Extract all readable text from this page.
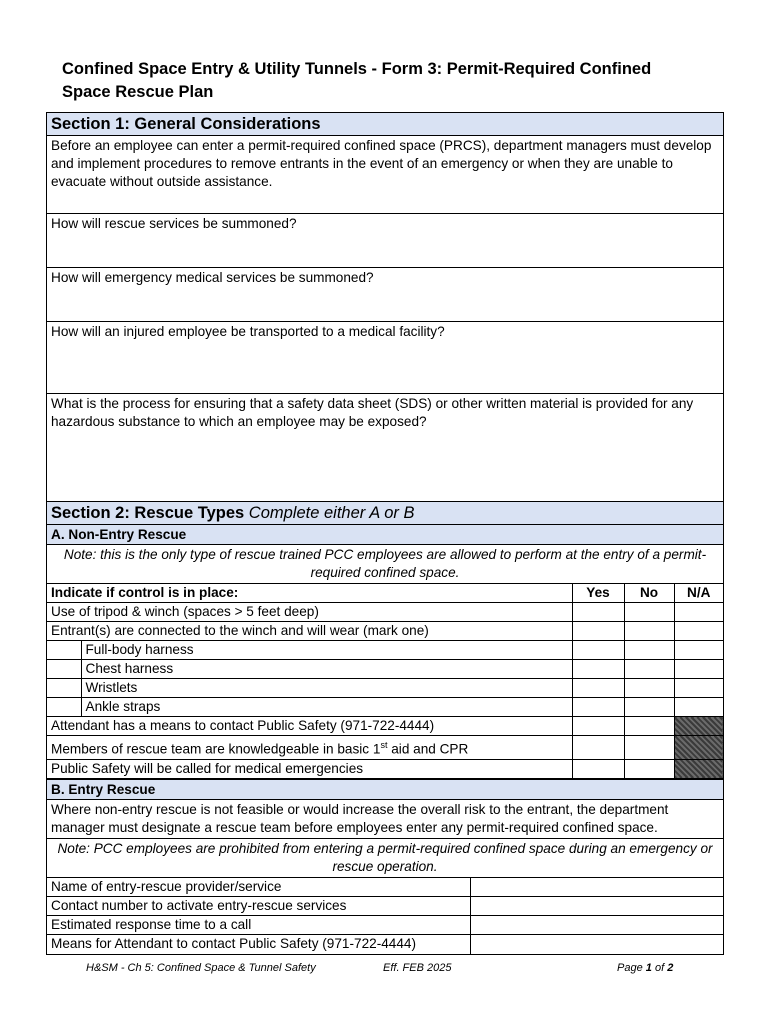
Confined Space Entry & Utility Tunnels - Form 3: Permit-Required Confined Space Rescue Plan
Section 1: General Considerations
Before an employee can enter a permit-required confined space (PRCS), department managers must develop and implement procedures to remove entrants in the event of an emergency or when they are unable to evacuate without outside assistance.
How will rescue services be summoned?
How will emergency medical services be summoned?
How will an injured employee be transported to a medical facility?
What is the process for ensuring that a safety data sheet (SDS) or other written material is provided for any hazardous substance to which an employee may be exposed?
Section 2: Rescue Types Complete either A or B
A. Non-Entry Rescue
Note: this is the only type of rescue trained PCC employees are allowed to perform at the entry of a permit-required confined space.
Indicate if control is in place:		Yes	No	N/A
Use of tripod & winch (spaces > 5 feet deep)				
Entrant(s) are connected to the winch and will wear (mark one)				
	Full-body harness			
	Chest harness			
	Wristlets			
	Ankle straps			
Attendant has a means to contact Public Safety (971-722-4444)				
Members of rescue team are knowledgeable in basic 1st aid and CPR				
Public Safety will be called for medical emergencies				
B. Entry Rescue
Where non-entry rescue is not feasible or would increase the overall risk to the entrant, the department manager must designate a rescue team before employees enter any permit-required confined space.
Note: PCC employees are prohibited from entering a permit-required confined space during an emergency or rescue operation.
Name of entry-rescue provider/service	
Contact number to activate entry-rescue services	
Estimated response time to a call	
Means for Attendant to contact Public Safety (971-722-4444)	
H&SM - Ch 5: Confined Space & Tunnel Safety	Eff. FEB 2025	Page 1 of 2
